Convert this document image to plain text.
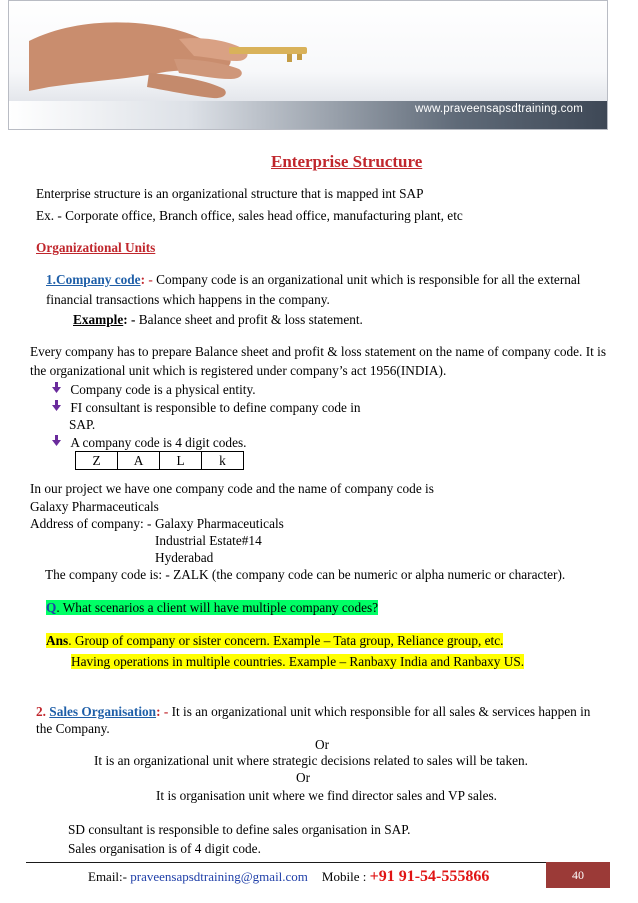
www.praveensapsdtraining.com
Enterprise Structure
Enterprise structure is an organizational structure that is mapped int SAP
Ex. - Corporate office, Branch office, sales head office, manufacturing plant, etc
Organizational Units
1.Company code: - Company code is an organizational unit which is responsible for all the external
financial transactions which happens in the company.
Example: - Balance sheet and profit & loss statement.
Every company has to prepare Balance sheet and profit & loss statement on the name of company code. It is
the organizational unit which is registered under company’s act 1956(INDIA).
Company code is a physical entity.
FI consultant is responsible to define company code in
SAP.
A company code is 4 digit codes.
Z	A	L	k
In our project we have one company code and the name of company code is
Galaxy Pharmaceuticals
Address of company: - Galaxy Pharmaceuticals
Industrial Estate#14
Hyderabad
The company code is: - ZALK (the company code can be numeric or alpha numeric or character).
Q. What scenarios a client will have multiple company codes?
Ans. Group of company or sister concern. Example – Tata group, Reliance group, etc.
Having operations in multiple countries. Example – Ranbaxy India and Ranbaxy US.
2. Sales Organisation: - It is an organizational unit which responsible for all sales & services happen in
the Company.
Or
It is an organizational unit where strategic decisions related to sales will be taken.
Or
It is organisation unit where we find director sales and VP sales.
SD consultant is responsible to define sales organisation in SAP.
Sales organisation is of 4 digit code.
Email:- praveensapsdtraining@gmail.com Mobile : +91 91-54-555866	40
